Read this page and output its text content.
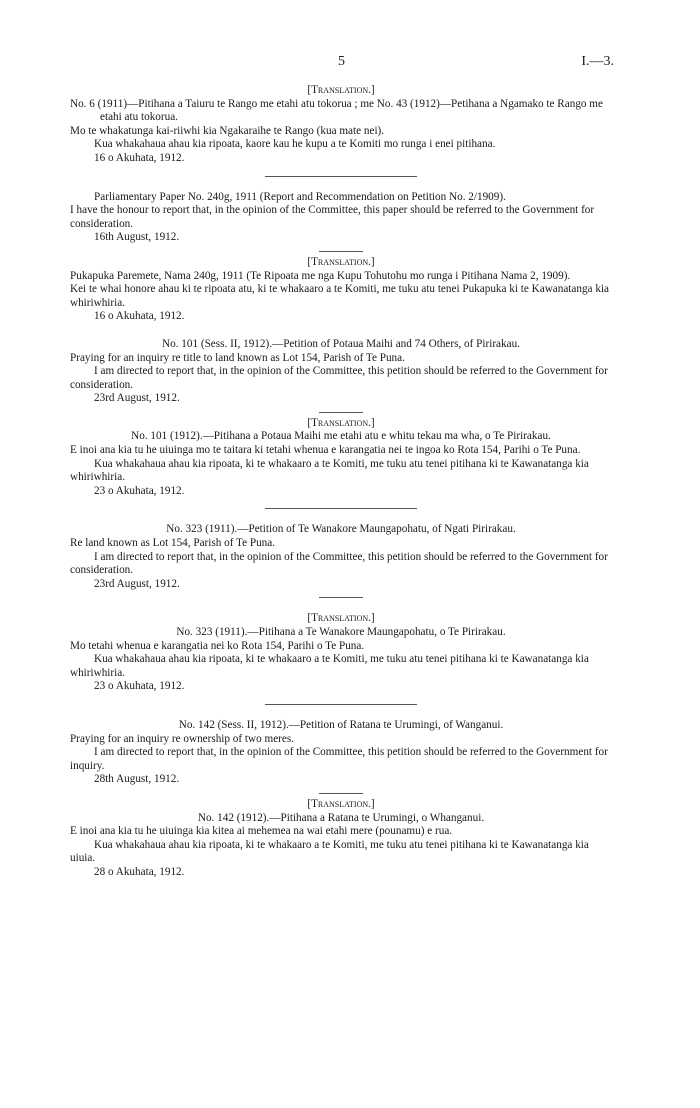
5	I.—3.

[Translation.]

No. 6 (1911)—Pitihana a Taiuru te Rango me etahi atu tokorua ; me No. 43 (1912)—Petihana a Ngamako te Rango me etahi atu tokorua.

Mo te whakatunga kai-riiwhi kia Ngakaraihe te Rango (kua mate nei).

Kua whakahaua ahau kia ripoata, kaore kau he kupu a te Komiti mo runga i enei pitihana.

16 o Akuhata, 1912.

Parliamentary Paper No. 240g, 1911 (Report and Recommendation on Petition No. 2/1909).

I have the honour to report that, in the opinion of the Committee, this paper should be referred to the Government for consideration.

16th August, 1912.

[Translation.]

Pukapuka Paremete, Nama 240g, 1911 (Te Ripoata me nga Kupu Tohutohu mo runga i Pitihana Nama 2, 1909).

Kei te whai honore ahau ki te ripoata atu, ki te whakaaro a te Komiti, me tuku atu tenei Pukapuka ki te Kawanatanga kia whiriwhiria.

16 o Akuhata, 1912.

No. 101 (Sess. II, 1912).—Petition of Potaua Maihi and 74 Others, of Pirirakau.

Praying for an inquiry re title to land known as Lot 154, Parish of Te Puna.

I am directed to report that, in the opinion of the Committee, this petition should be referred to the Government for consideration.

23rd August, 1912.

[Translation.]

No. 101 (1912).—Pitihana a Potaua Maihi me etahi atu e whitu tekau ma wha, o Te Pirirakau.

E inoi ana kia tu he uiuinga mo te taitara ki tetahi whenua e karangatia nei te ingoa ko Rota 154, Parihi o Te Puna.

Kua whakahaua ahau kia ripoata, ki te whakaaro a te Komiti, me tuku atu tenei pitihana ki te Kawanatanga kia whiriwhiria.

23 o Akuhata, 1912.

No. 323 (1911).—Petition of Te Wanakore Maungapohatu, of Ngati Pirirakau.

Re land known as Lot 154, Parish of Te Puna.

I am directed to report that, in the opinion of the Committee, this petition should be referred to the Government for consideration.

23rd August, 1912.

[Translation.]

No. 323 (1911).—Pitihana a Te Wanakore Maungapohatu, o Te Pirirakau.

Mo tetahi whenua e karangatia nei ko Rota 154, Parihi o Te Puna.

Kua whakahaua ahau kia ripoata, ki te whakaaro a te Komiti, me tuku atu tenei pitihana ki te Kawanatanga kia whiriwhiria.

23 o Akuhata, 1912.

No. 142 (Sess. II, 1912).—Petition of Ratana te Urumingi, of Wanganui.

Praying for an inquiry re ownership of two meres.

I am directed to report that, in the opinion of the Committee, this petition should be referred to the Government for inquiry.

28th August, 1912.

[Translation.]

No. 142 (1912).—Pitihana a Ratana te Urumingi, o Whanganui.

E inoi ana kia tu he uiuinga kia kitea ai mehemea na wai etahi mere (pounamu) e rua.

Kua whakahaua ahau kia ripoata, ki te whakaaro a te Komiti, me tuku atu tenei pitihana ki te Kawanatanga kia uiuia.

28 o Akuhata, 1912.
